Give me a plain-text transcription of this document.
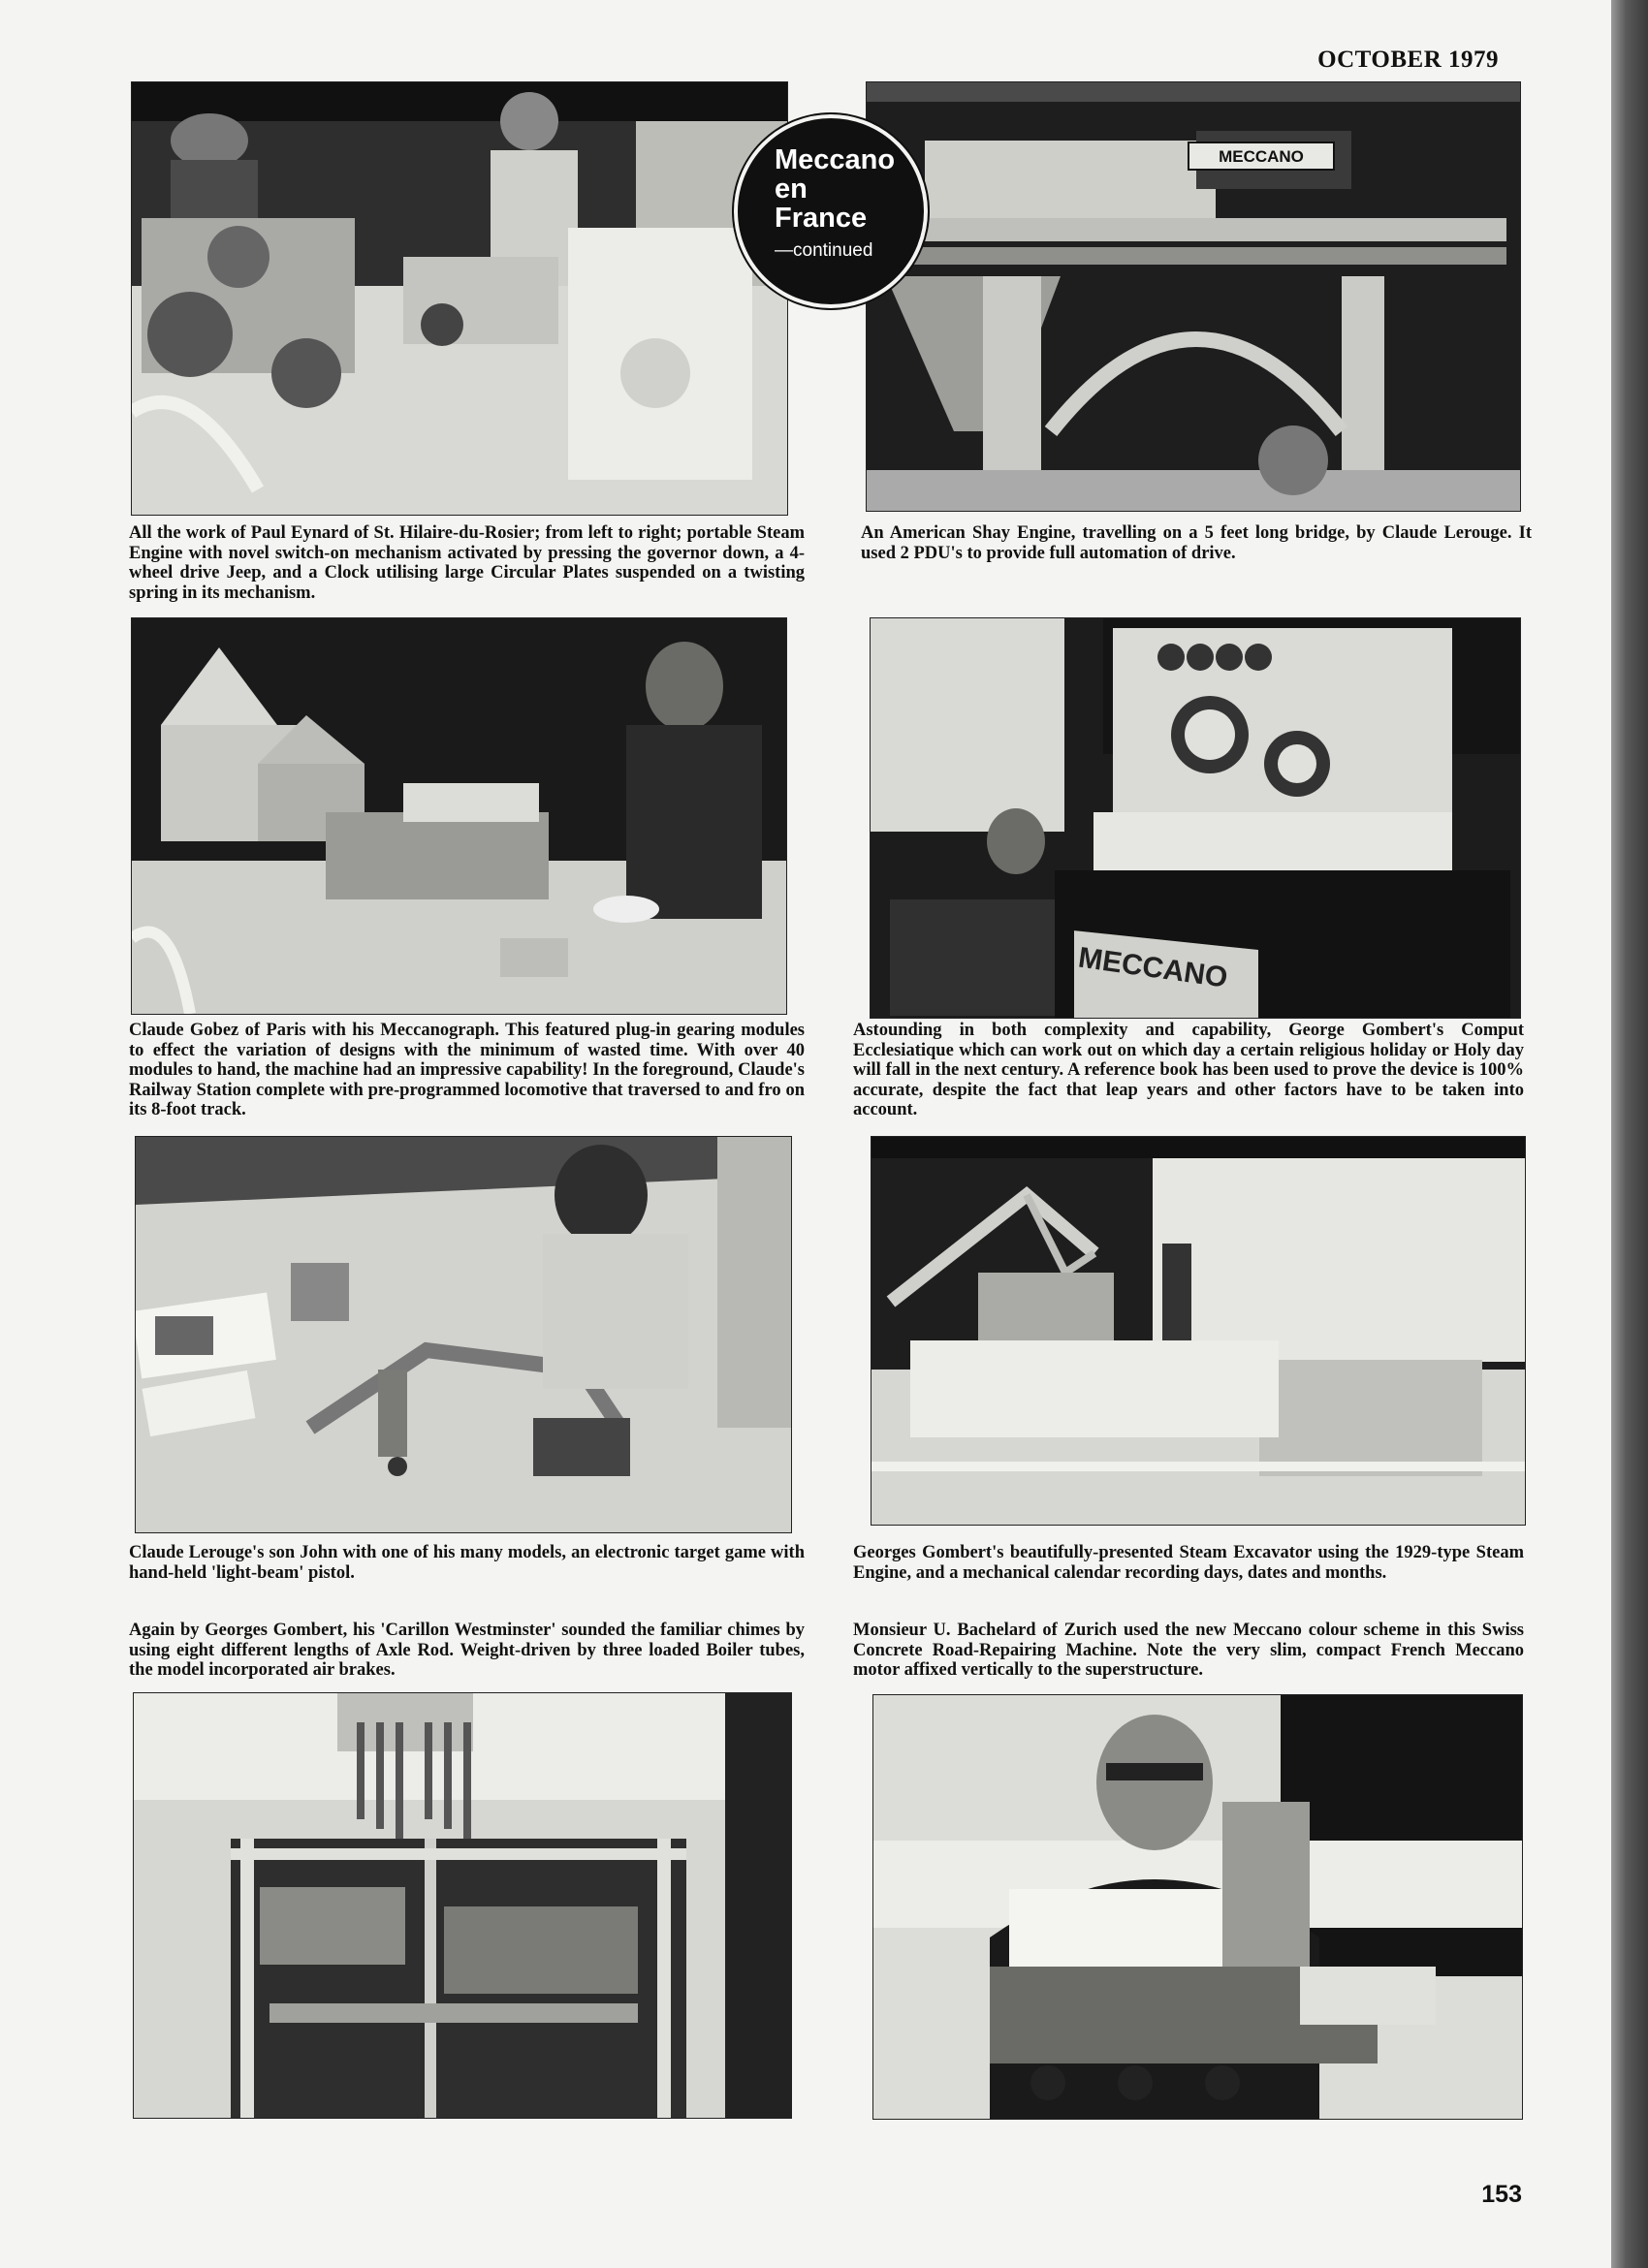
OCTOBER 1979
MECCANO
Meccano
en
France
—continued
All the work of Paul Eynard of St. Hilaire-du-Rosier; from left to right; portable Steam Engine with novel switch-on mechanism activated by pressing the governor down, a 4-wheel drive Jeep, and a Clock utilising large Circular Plates suspended on a twisting spring in its mechanism.
An American Shay Engine, travelling on a 5 feet long bridge, by Claude Lerouge. It used 2 PDU's to provide full automation of drive.
MECCANO
Claude Gobez of Paris with his Meccanograph. This featured plug-in gearing modules to effect the variation of designs with the minimum of wasted time. With over 40 modules to hand, the machine had an impressive capability! In the foreground, Claude's Railway Station complete with pre-programmed locomotive that traversed to and fro on its 8-foot track.
Astounding in both complexity and capability, George Gombert's Comput Ecclesiatique which can work out on which day a certain religious holiday or Holy day will fall in the next century. A reference book has been used to prove the device is 100% accurate, despite the fact that leap years and other factors have to be taken into account.
Claude Lerouge's son John with one of his many models, an electronic target game with hand-held 'light-beam' pistol.
Georges Gombert's beautifully-presented Steam Excavator using the 1929-type Steam Engine, and a mechanical calendar recording days, dates and months.
Again by Georges Gombert, his 'Carillon Westminster' sounded the familiar chimes by using eight different lengths of Axle Rod. Weight-driven by three loaded Boiler tubes, the model incorporated air brakes.
Monsieur U. Bachelard of Zurich used the new Meccano colour scheme in this Swiss Concrete Road-Repairing Machine. Note the very slim, compact French Meccano motor affixed vertically to the superstructure.
153
